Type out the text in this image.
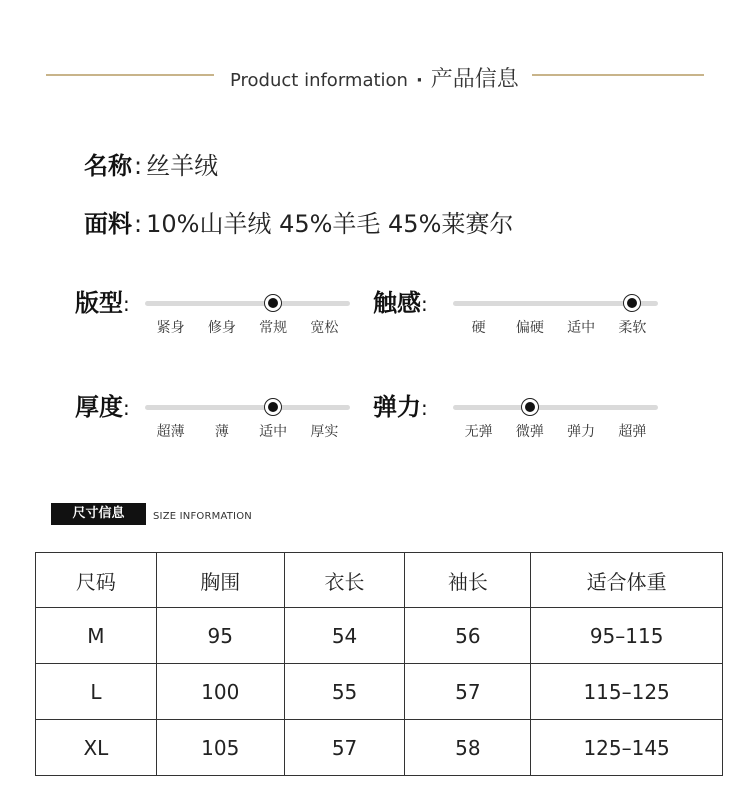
Product information · 产品信息
名称: 丝羊绒
面料: 10%山羊绒 45%羊毛 45%莱赛尔
版型:
紧身 修身 常规 宽松
触感:
硬 偏硬 适中 柔软
厚度:
超薄 薄 适中 厚实
弹力:
无弹 微弹 弹力 超弹
尺寸信息	SIZE INFORMATION
尺码	胸围	衣长	袖长	适合体重
M	95	54	56	95–115
L	100	55	57	115–125
XL	105	57	58	125–145
